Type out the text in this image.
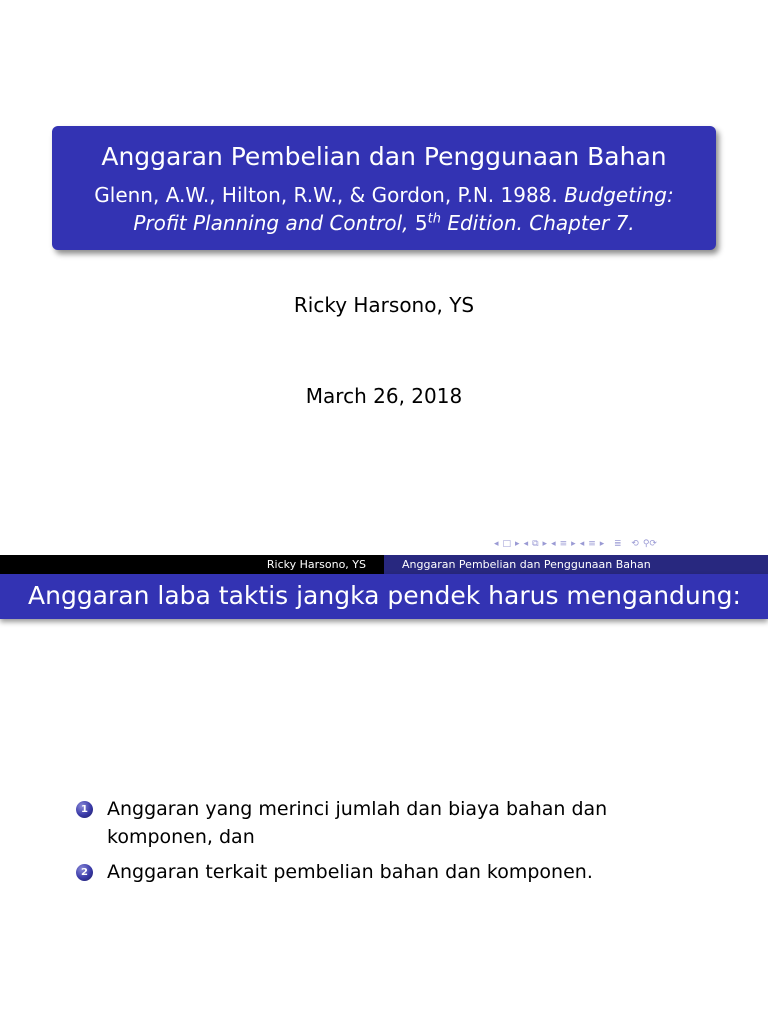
Anggaran Pembelian dan Penggunaan Bahan
Glenn, A.W., Hilton, R.W., & Gordon, P.N. 1988. Budgeting:
Profit Planning and Control, 5th Edition. Chapter 7.
Ricky Harsono, YS
March 26, 2018
◂ □ ▸ ◂ ⧉ ▸ ◂ ≡ ▸ ◂ ≡ ▸ ≣ ⟲ ⚲⟳
Ricky Harsono, YS	Anggaran Pembelian dan Penggunaan Bahan
Anggaran laba taktis jangka pendek harus mengandung:
1 Anggaran yang merinci jumlah dan biaya bahan dan komponen, dan
2 Anggaran terkait pembelian bahan dan komponen.
